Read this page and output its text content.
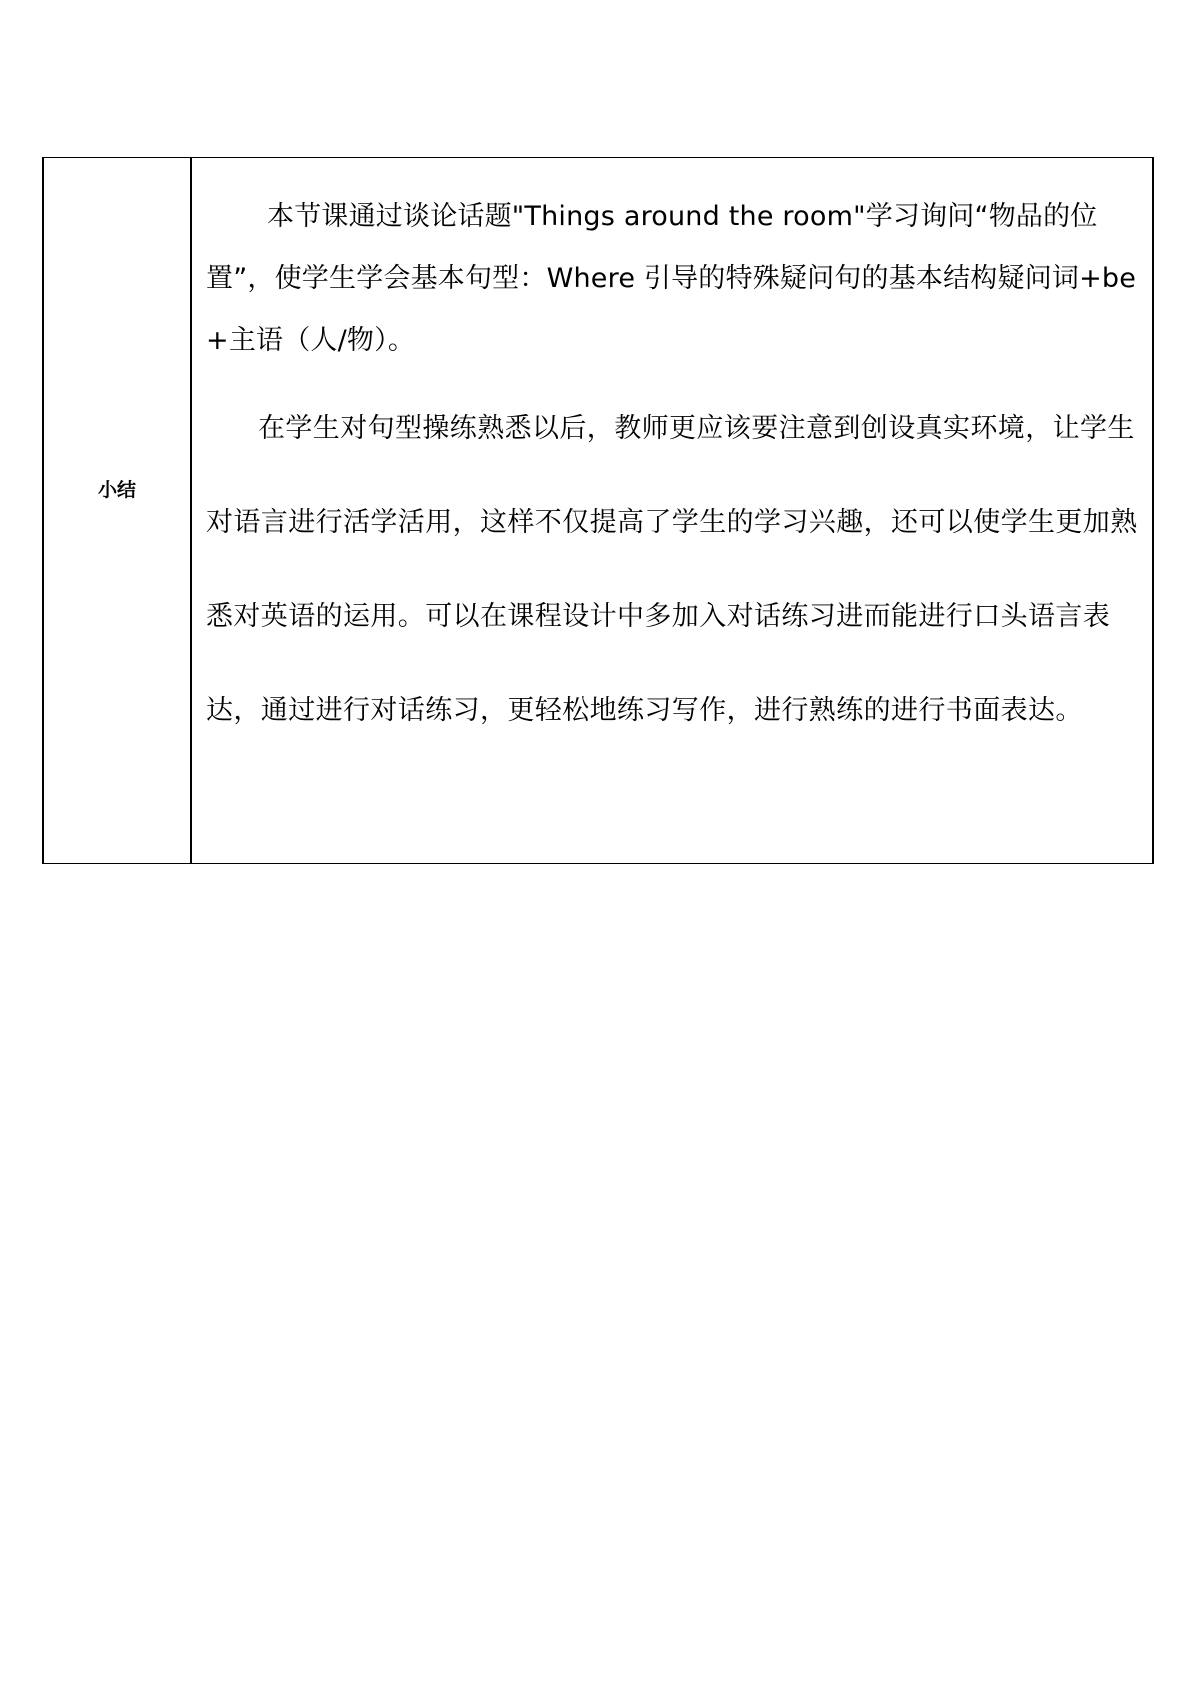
小结

本节课通过谈论话题"Things around the room"学习询问“物品的位置”，使学生学会基本句型：Where 引导的特殊疑问句的基本结构疑问词+be+主语（人/物）。

在学生对句型操练熟悉以后，教师更应该要注意到创设真实环境，让学生对语言进行活学活用，这样不仅提高了学生的学习兴趣，还可以使学生更加熟悉对英语的运用。可以在课程设计中多加入对话练习进而能进行口头语言表达，通过进行对话练习，更轻松地练习写作，进行熟练的进行书面表达。
